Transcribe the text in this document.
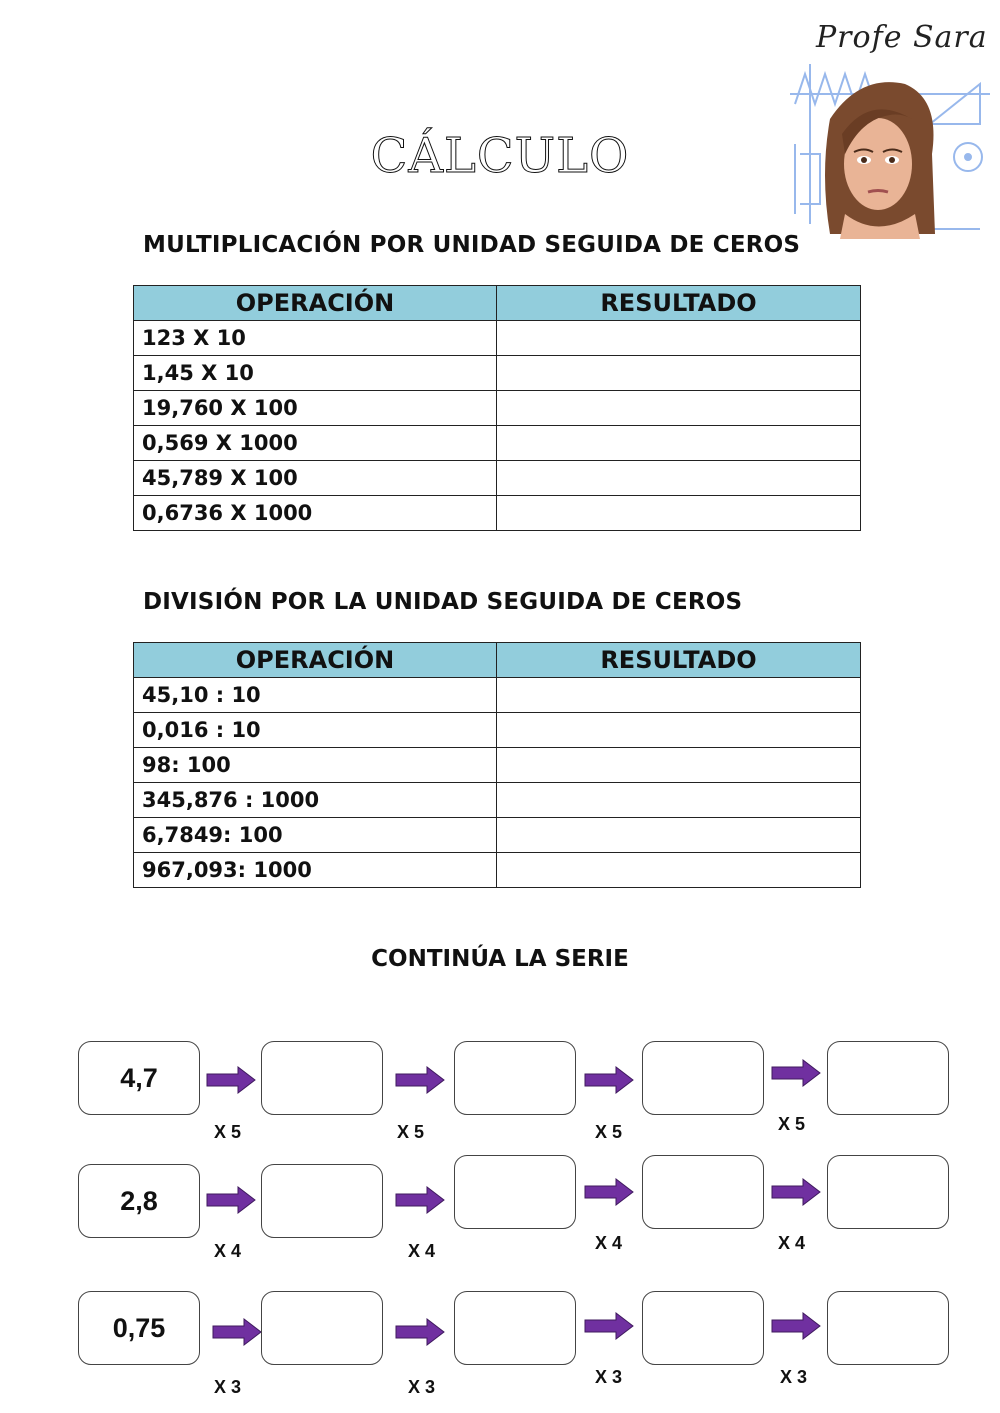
Profe Sara
CÁLCULO
MULTIPLICACIÓN POR UNIDAD SEGUIDA DE CEROS
OPERACIÓN	RESULTADO
123 X 10	
1,45 X 10	
19,760 X 100	
0,569 X 1000	
45,789 X 100	
0,6736 X 1000	
DIVISIÓN POR LA UNIDAD SEGUIDA DE CEROS
OPERACIÓN	RESULTADO
45,10 : 10	
0,016 : 10	
98: 100	
345,876 : 1000	
6,7849: 100	
967,093: 1000	
CONTINÚA LA SERIE
4,7
X 5	X 5	X 5	X 5
2,8
X 4	X 4	X 4	X 4
0,75
X 3	X 3	X 3	X 3
